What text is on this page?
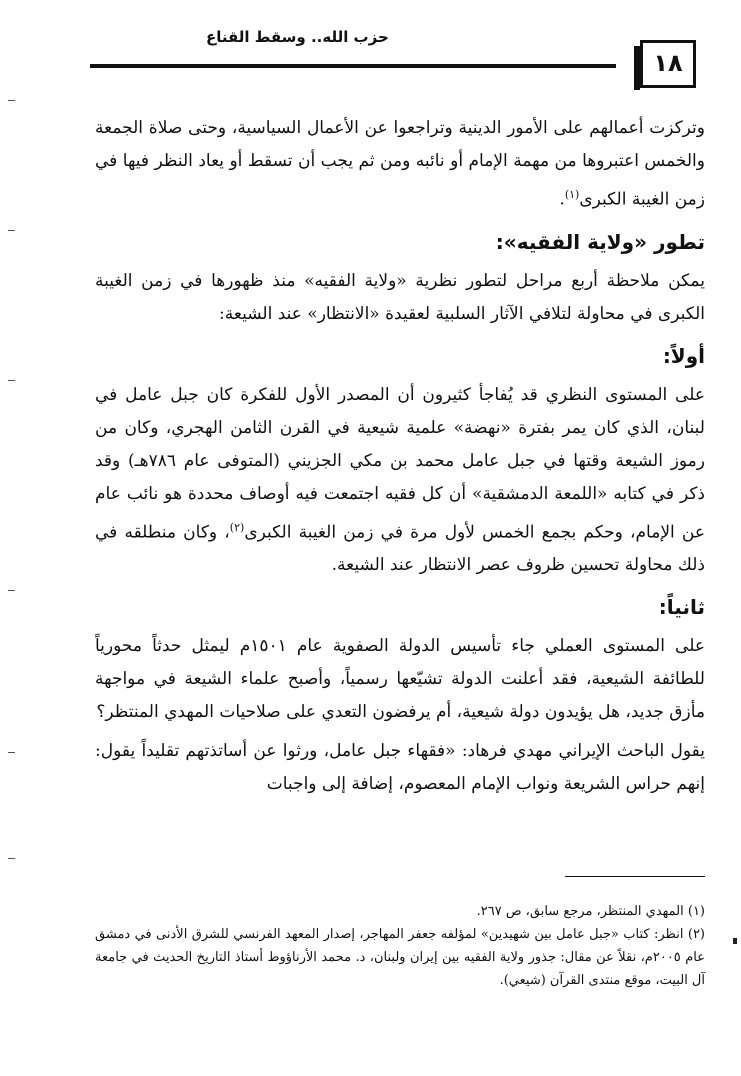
حزب الله.. وسقط القناع
١٨

وتركزت أعمالهم على الأمور الدينية وتراجعوا عن الأعمال السياسية، وحتى صلاة الجمعة والخمس اعتبروها من مهمة الإمام أو نائبه ومن ثم يجب أن تسقط أو يعاد النظر فيها في زمن الغيبة الكبرى$^{(١)}$.

تطور «ولاية الفقيه»:

يمكن ملاحظة أربع مراحل لتطور نظرية «ولاية الفقيه» منذ ظهورها في زمن الغيبة الكبرى في محاولة لتلافي الآثار السلبية لعقيدة «الانتظار» عند الشيعة:

أولاً:

على المستوى النظري قد يُفاجأ كثيرون أن المصدر الأول للفكرة كان جبل عامل في لبنان، الذي كان يمر بفترة «نهضة» علمية شيعية في القرن الثامن الهجري، وكان من رموز الشيعة وقتها في جبل عامل محمد بن مكي الجزيني (المتوفى عام ٧٨٦هـ) وقد ذكر في كتابه «اللمعة الدمشقية» أن كل فقيه اجتمعت فيه أوصاف محددة هو نائب عام عن الإمام، وحكم بجمع الخمس لأول مرة في زمن الغيبة الكبرى$^{(٢)}$، وكان منطلقه في ذلك محاولة تحسين ظروف عصر الانتظار عند الشيعة.

ثانياً:

على المستوى العملي جاء تأسيس الدولة الصفوية عام ١٥٠١م ليمثل حدثاً محورياً للطائفة الشيعية، فقد أعلنت الدولة تشيّعها رسمياً، وأصبح علماء الشيعة في مواجهة مأزق جديد، هل يؤيدون دولة شيعية، أم يرفضون التعدي على صلاحيات المهدي المنتظر؟

يقول الباحث الإيراني مهدي فرهاد: «فقهاء جبل عامل، ورثوا عن أساتذتهم تقليداً يقول: إنهم حراس الشريعة ونواب الإمام المعصوم، إضافة إلى واجبات

(١) المهدي المنتظر، مرجع سابق، ص ٢٦٧.

(٢) انظر: كتاب «جبل عامل بين شهيدين» لمؤلفه جعفر المهاجر، إصدار المعهد الفرنسي للشرق الأدنى في دمشق عام ٢٠٠٥م، نقلاً عن مقال: جذور ولاية الفقيه بين إيران ولبنان، د. محمد الأرناؤوط أستاذ التاريخ الحديث في جامعة آل البيت، موقع منتدى القرآن (شيعي).
